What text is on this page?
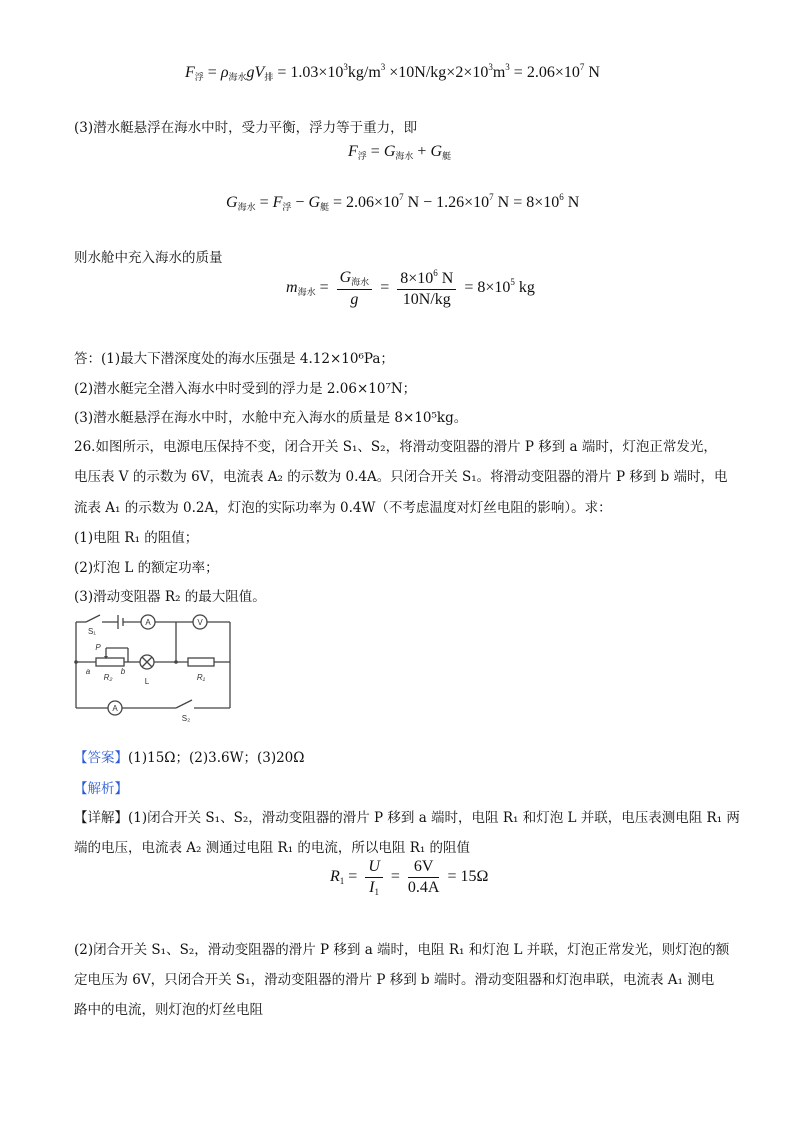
$F_浮 = \rho_{海水}gV_排 = 1.03\times 10^3kg/m^3 \times 10N/kg\times 2\times 10^3m^3 = 2.06\times 10^7$ N
(3)潜水艇悬浮在海水中时，受力平衡，浮力等于重力，即
$F_浮 = G_{海水} + G_艇$
$G_{海水} = F_浮 - G_艇 = 2.06\times 10^7$ $N - 1.26\times 10^7$ $N = 8\times 10^6$ N
则水舱中充入海水的质量
$m_{海水} = \frac{G_{海水}}{g} = \frac{8\times 10^6 N}{10N/kg} = 8\times 10^5$ kg
答：(1)最大下潜深度处的海水压强是 4.12×10⁶Pa；
(2)潜水艇完全潜入海水中时受到的浮力是 2.06×10⁷N；
(3)潜水艇悬浮在海水中时，水舱中充入海水的质量是 8×10⁵kg。
26.如图所示，电源电压保持不变，闭合开关 S₁、S₂，将滑动变阻器的滑片 P 移到 a 端时，灯泡正常发光，
电压表 V 的示数为 6V，电流表 A₂ 的示数为 0.4A。只闭合开关 S₁。将滑动变阻器的滑片 P 移到 b 端时，电
流表 A₁ 的示数为 0.2A，灯泡的实际功率为 0.4W（不考虑温度对灯丝电阻的影响）。求：
(1)电阻 R₁ 的阻值；
(2)灯泡 L 的额定功率；
(3)滑动变阻器 R₂ 的最大阻值。
S₁
A	V
P
a	b
R₂	L	R₁
A
S₂
【答案】(1)15Ω；(2)3.6W；(3)20Ω
【解析】
【详解】(1)闭合开关 S₁、S₂，滑动变阻器的滑片 P 移到 a 端时，电阻 R₁ 和灯泡 L 并联，电压表测电阻 R₁ 两
端的电压，电流表 A₂ 测通过电阻 R₁ 的电流，所以电阻 R₁ 的阻值
$R_1 = \frac{U}{I_1} = \frac{6V}{0.4A} = 15\Omega$
(2)闭合开关 S₁、S₂，滑动变阻器的滑片 P 移到 a 端时，电阻 R₁ 和灯泡 L 并联，灯泡正常发光，则灯泡的额
定电压为 6V，只闭合开关 S₁，滑动变阻器的滑片 P 移到 b 端时。滑动变阻器和灯泡串联，电流表 A₁ 测电
路中的电流，则灯泡的灯丝电阻
